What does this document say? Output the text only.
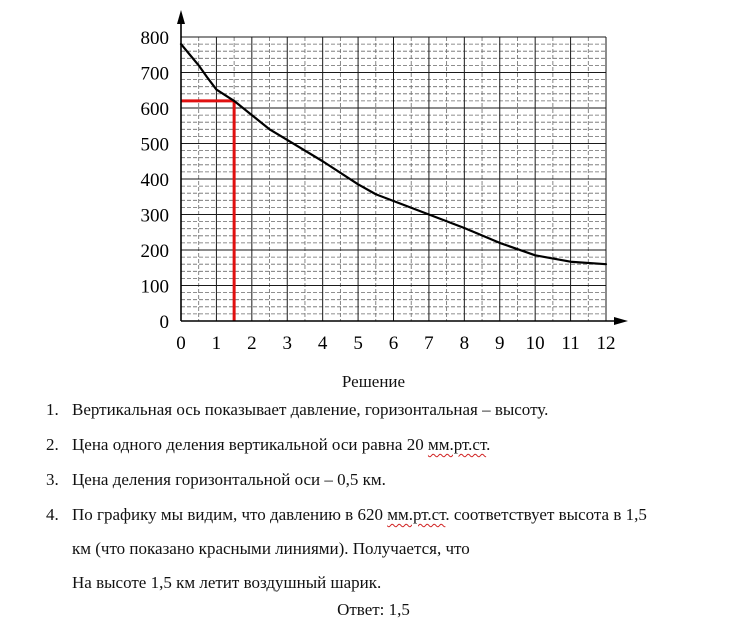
0
100
200
300
400
500
600
700
800
0 1 2 3 4 5 6 7 8 9 10 11 12
Решение
1. Вертикальная ось показывает давление, горизонтальная – высоту.
2. Цена одного деления вертикальной оси равна 20 мм.рт.ст.
3. Цена деления горизонтальной оси – 0,5 км.
4. По графику мы видим, что давлению в 620 мм.рт.ст. соответствует высота в 1,5
км (что показано красными линиями). Получается, что
На высоте 1,5 км летит воздушный шарик.
Ответ: 1,5
